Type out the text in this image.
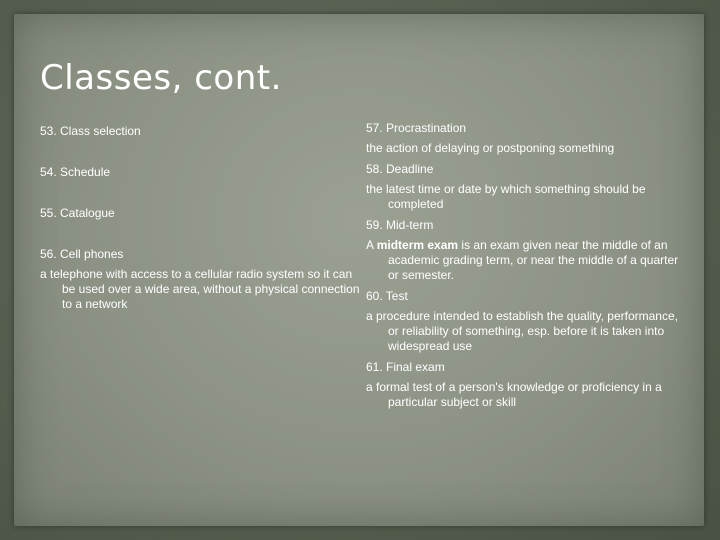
Classes, cont.

53. Class selection

54. Schedule

55. Catalogue

56. Cell phones

a telephone with access to a cellular radio system so it can be used over a wide area, without a physical connection to a network

57. Procrastination

the action of delaying or postponing something

58. Deadline

the latest time or date by which something should be completed

59. Mid-term

A midterm exam is an exam given near the middle of an academic grading term, or near the middle of a quarter or semester.

60. Test

a procedure intended to establish the quality, performance, or reliability of something, esp. before it is taken into widespread use

61. Final exam

a formal test of a person's knowledge or proficiency in a particular subject or skill
